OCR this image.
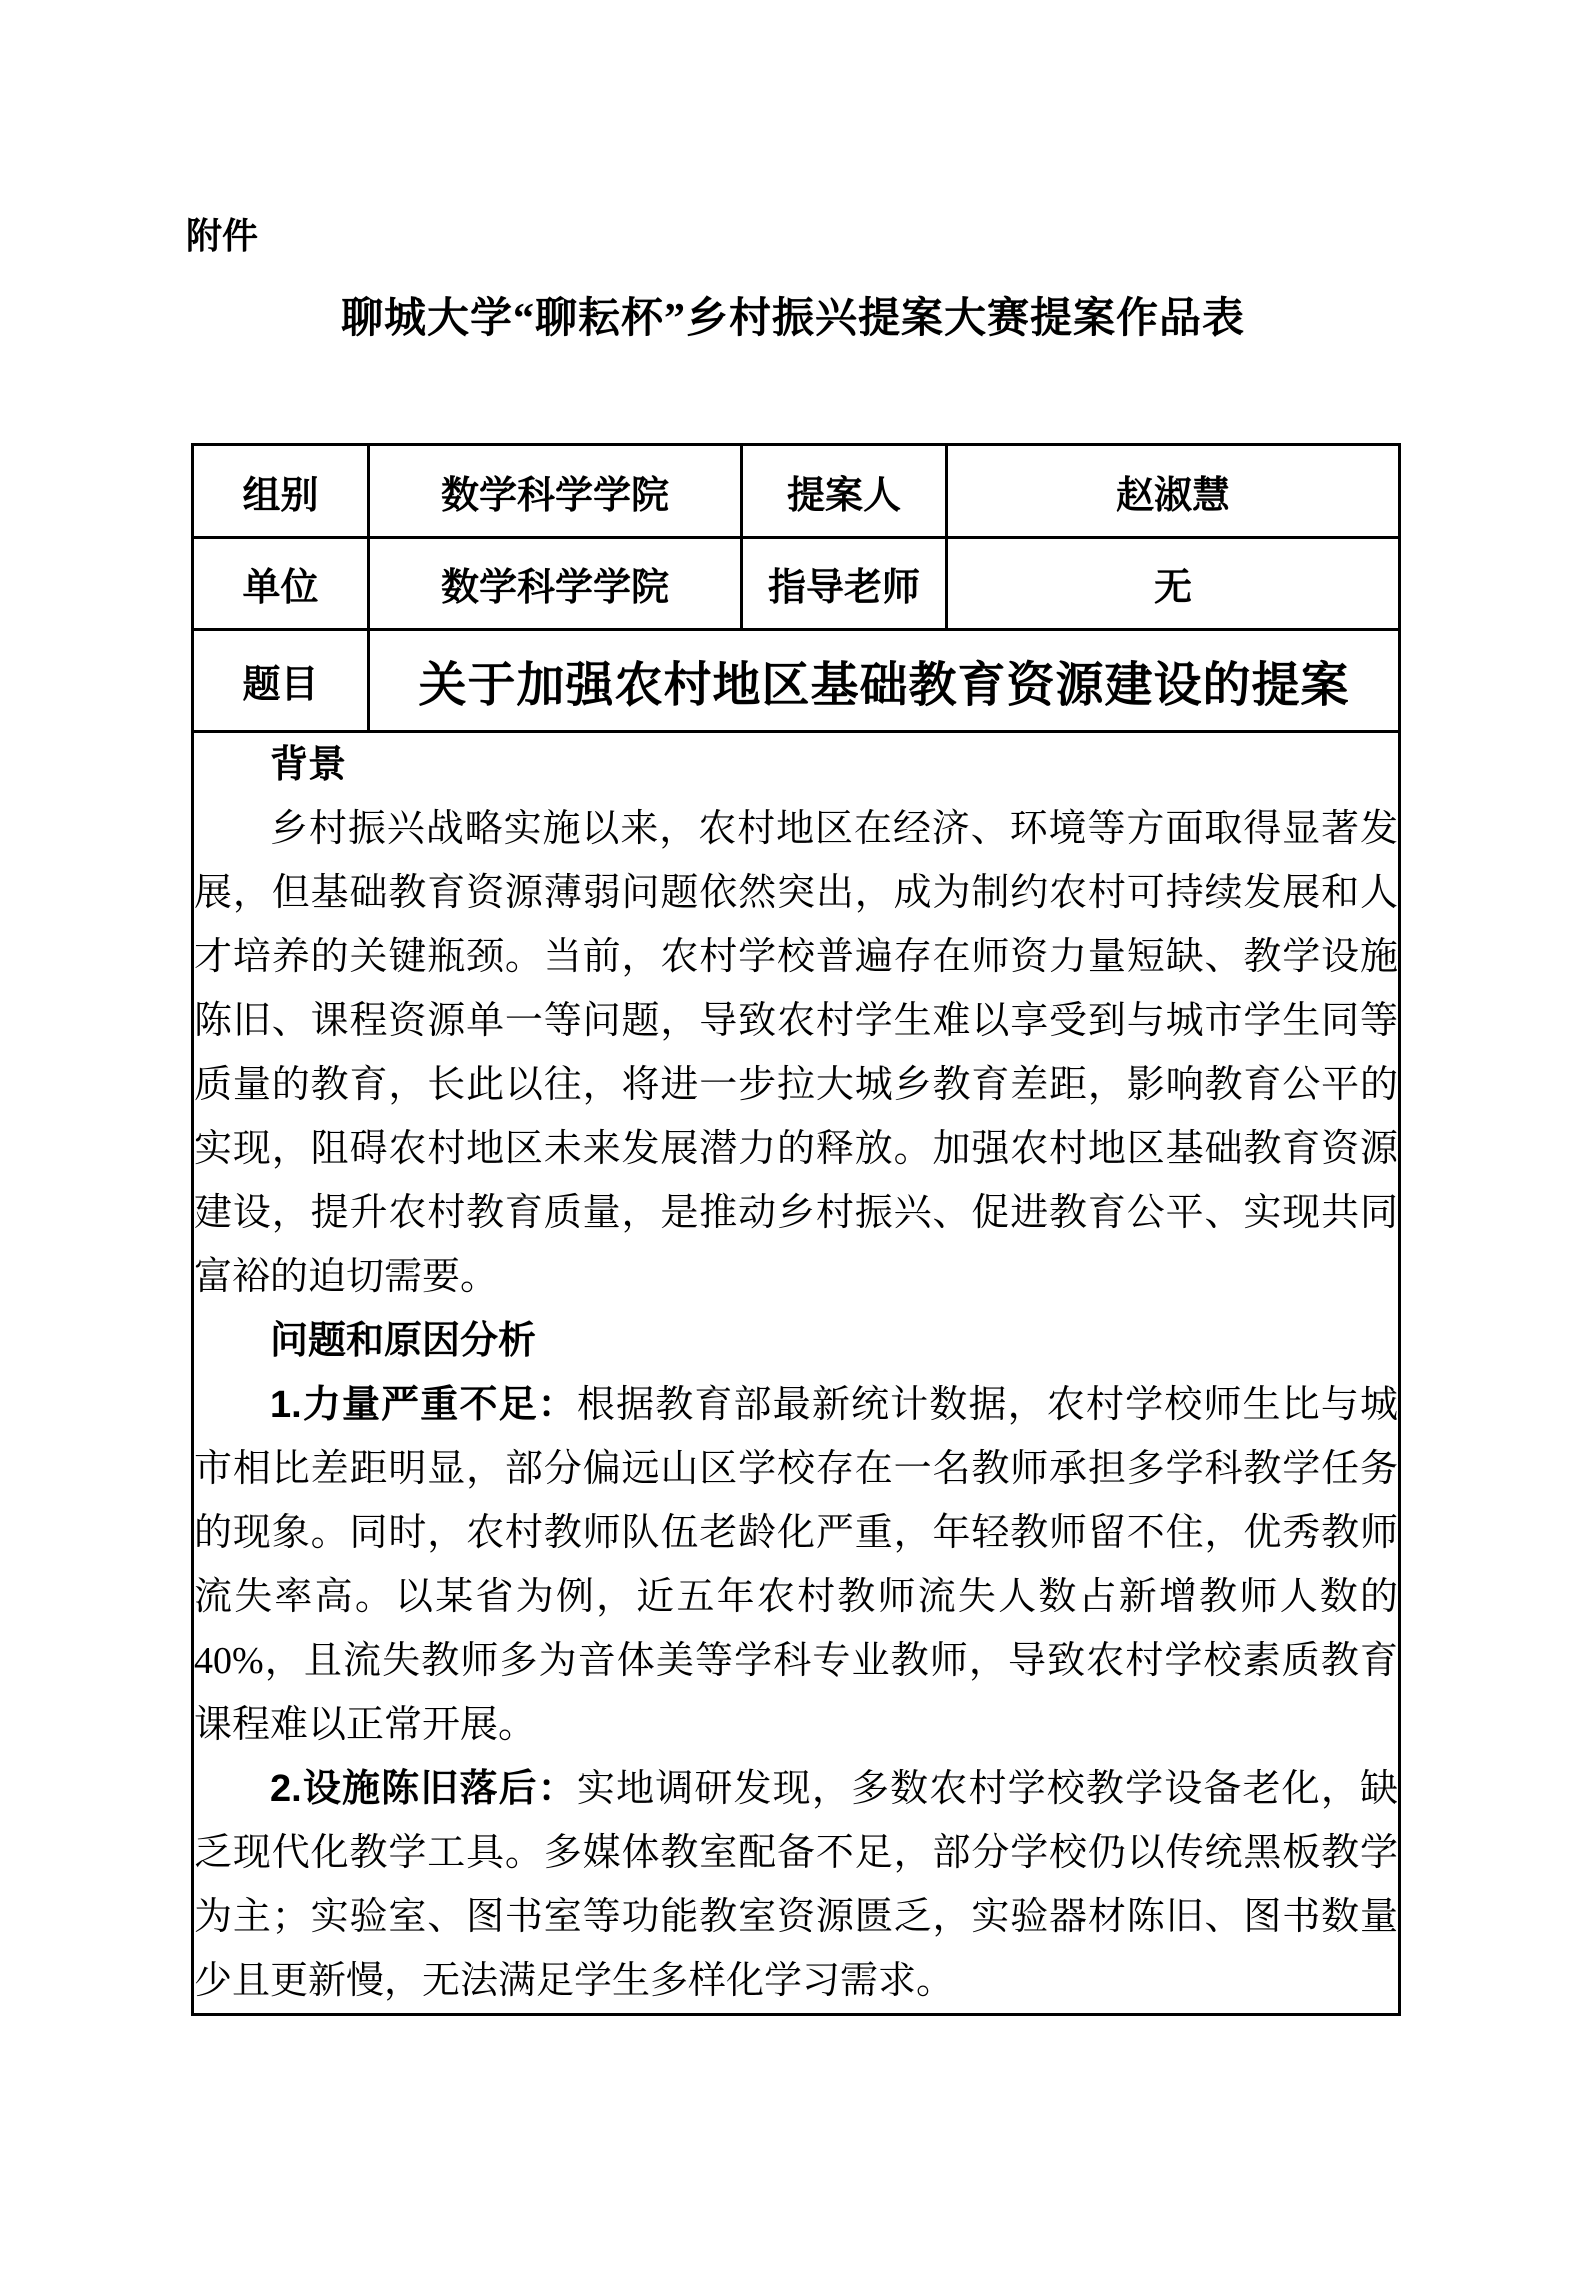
附件
聊城大学“聊耘杯”乡村振兴提案大赛提案作品表
组别	数学科学学院	提案人	赵淑慧
单位	数学科学学院	指导老师	无
题目	关于加强农村地区基础教育资源建设的提案		

背景

乡村振兴战略实施以来，农村地区在经济、环境等方面取得显著发展，但基础教育资源薄弱问题依然突出，成为制约农村可持续发展和人才培养的关键瓶颈。当前，农村学校普遍存在师资力量短缺、教学设施陈旧、课程资源单一等问题，导致农村学生难以享受到与城市学生同等质量的教育，长此以往，将进一步拉大城乡教育差距，影响教育公平的实现，阻碍农村地区未来发展潜力的释放。加强农村地区基础教育资源建设，提升农村教育质量，是推动乡村振兴、促进教育公平、实现共同富裕的迫切需要。

问题和原因分析

1.力量严重不足：根据教育部最新统计数据，农村学校师生比与城市相比差距明显，部分偏远山区学校存在一名教师承担多学科教学任务的现象。同时，农村教师队伍老龄化严重，年轻教师留不住，优秀教师流失率高。以某省为例，近五年农村教师流失人数占新增教师人数的 40%，且流失教师多为音体美等学科专业教师，导致农村学校素质教育课程难以正常开展。

2.设施陈旧落后：实地调研发现，多数农村学校教学设备老化，缺乏现代化教学工具。多媒体教室配备不足，部分学校仍以传统黑板教学为主；实验室、图书室等功能教室资源匮乏，实验器材陈旧、图书数量少且更新慢，无法满足学生多样化学习需求。			
